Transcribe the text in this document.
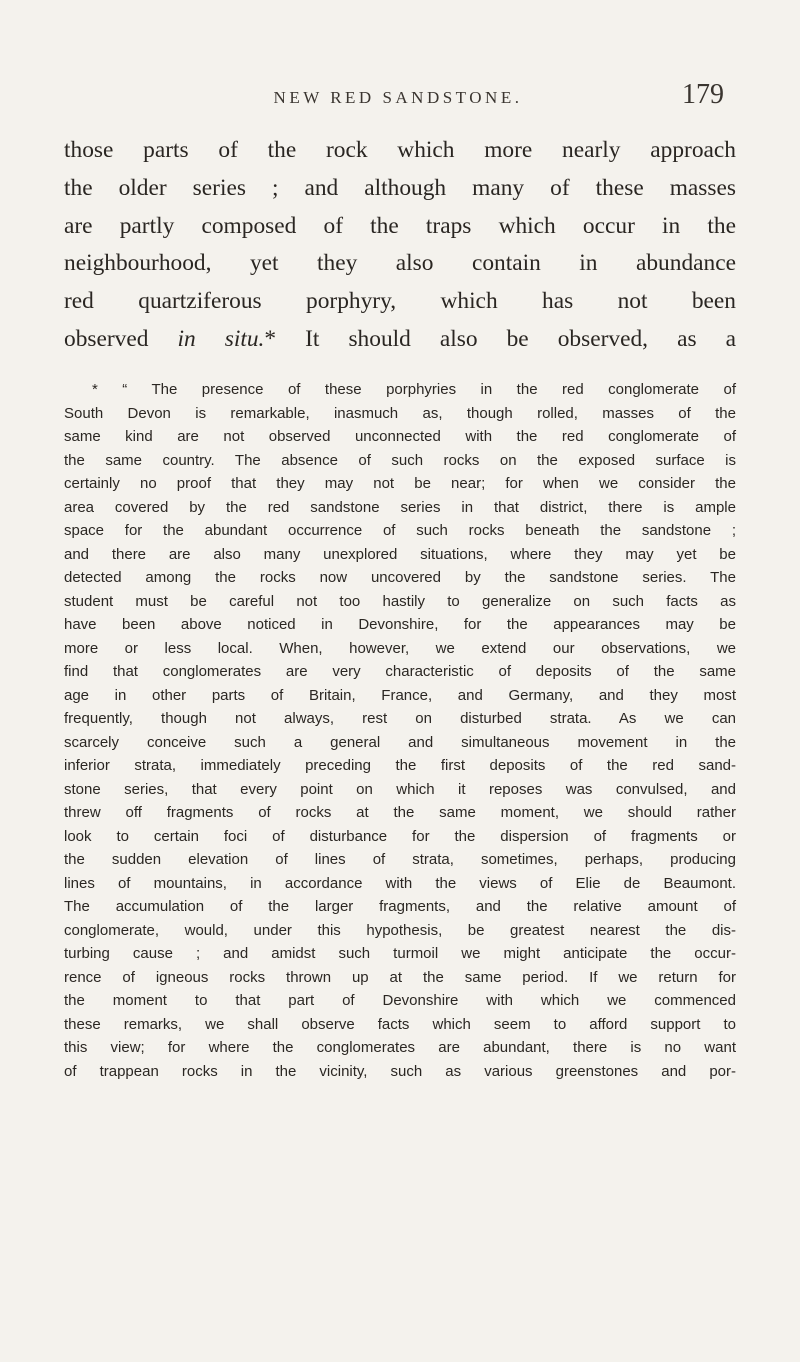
NEW RED SANDSTONE.	179
those parts of the rock which more nearly approach
the older series ; and although many of these masses
are partly composed of the traps which occur in the
neighbourhood, yet they also contain in abundance
red quartziferous porphyry, which has not been
observed in situ.* It should also be observed, as a
* “ The presence of these porphyries in the red conglomerate of
South Devon is remarkable, inasmuch as, though rolled, masses of the
same kind are not observed unconnected with the red conglomerate of
the same country. The absence of such rocks on the exposed surface is
certainly no proof that they may not be near; for when we consider the
area covered by the red sandstone series in that district, there is ample
space for the abundant occurrence of such rocks beneath the sandstone ;
and there are also many unexplored situations, where they may yet be
detected among the rocks now uncovered by the sandstone series. The
student must be careful not too hastily to generalize on such facts as
have been above noticed in Devonshire, for the appearances may be
more or less local. When, however, we extend our observations, we
find that conglomerates are very characteristic of deposits of the same
age in other parts of Britain, France, and Germany, and they most
frequently, though not always, rest on disturbed strata. As we can
scarcely conceive such a general and simultaneous movement in the
inferior strata, immediately preceding the first deposits of the red sand-
stone series, that every point on which it reposes was convulsed, and
threw off fragments of rocks at the same moment, we should rather
look to certain foci of disturbance for the dispersion of fragments or
the sudden elevation of lines of strata, sometimes, perhaps, producing
lines of mountains, in accordance with the views of Elie de Beaumont.
The accumulation of the larger fragments, and the relative amount of
conglomerate, would, under this hypothesis, be greatest nearest the dis-
turbing cause ; and amidst such turmoil we might anticipate the occur-
rence of igneous rocks thrown up at the same period. If we return for
the moment to that part of Devonshire with which we commenced
these remarks, we shall observe facts which seem to afford support to
this view; for where the conglomerates are abundant, there is no want
of trappean rocks in the vicinity, such as various greenstones and por-
